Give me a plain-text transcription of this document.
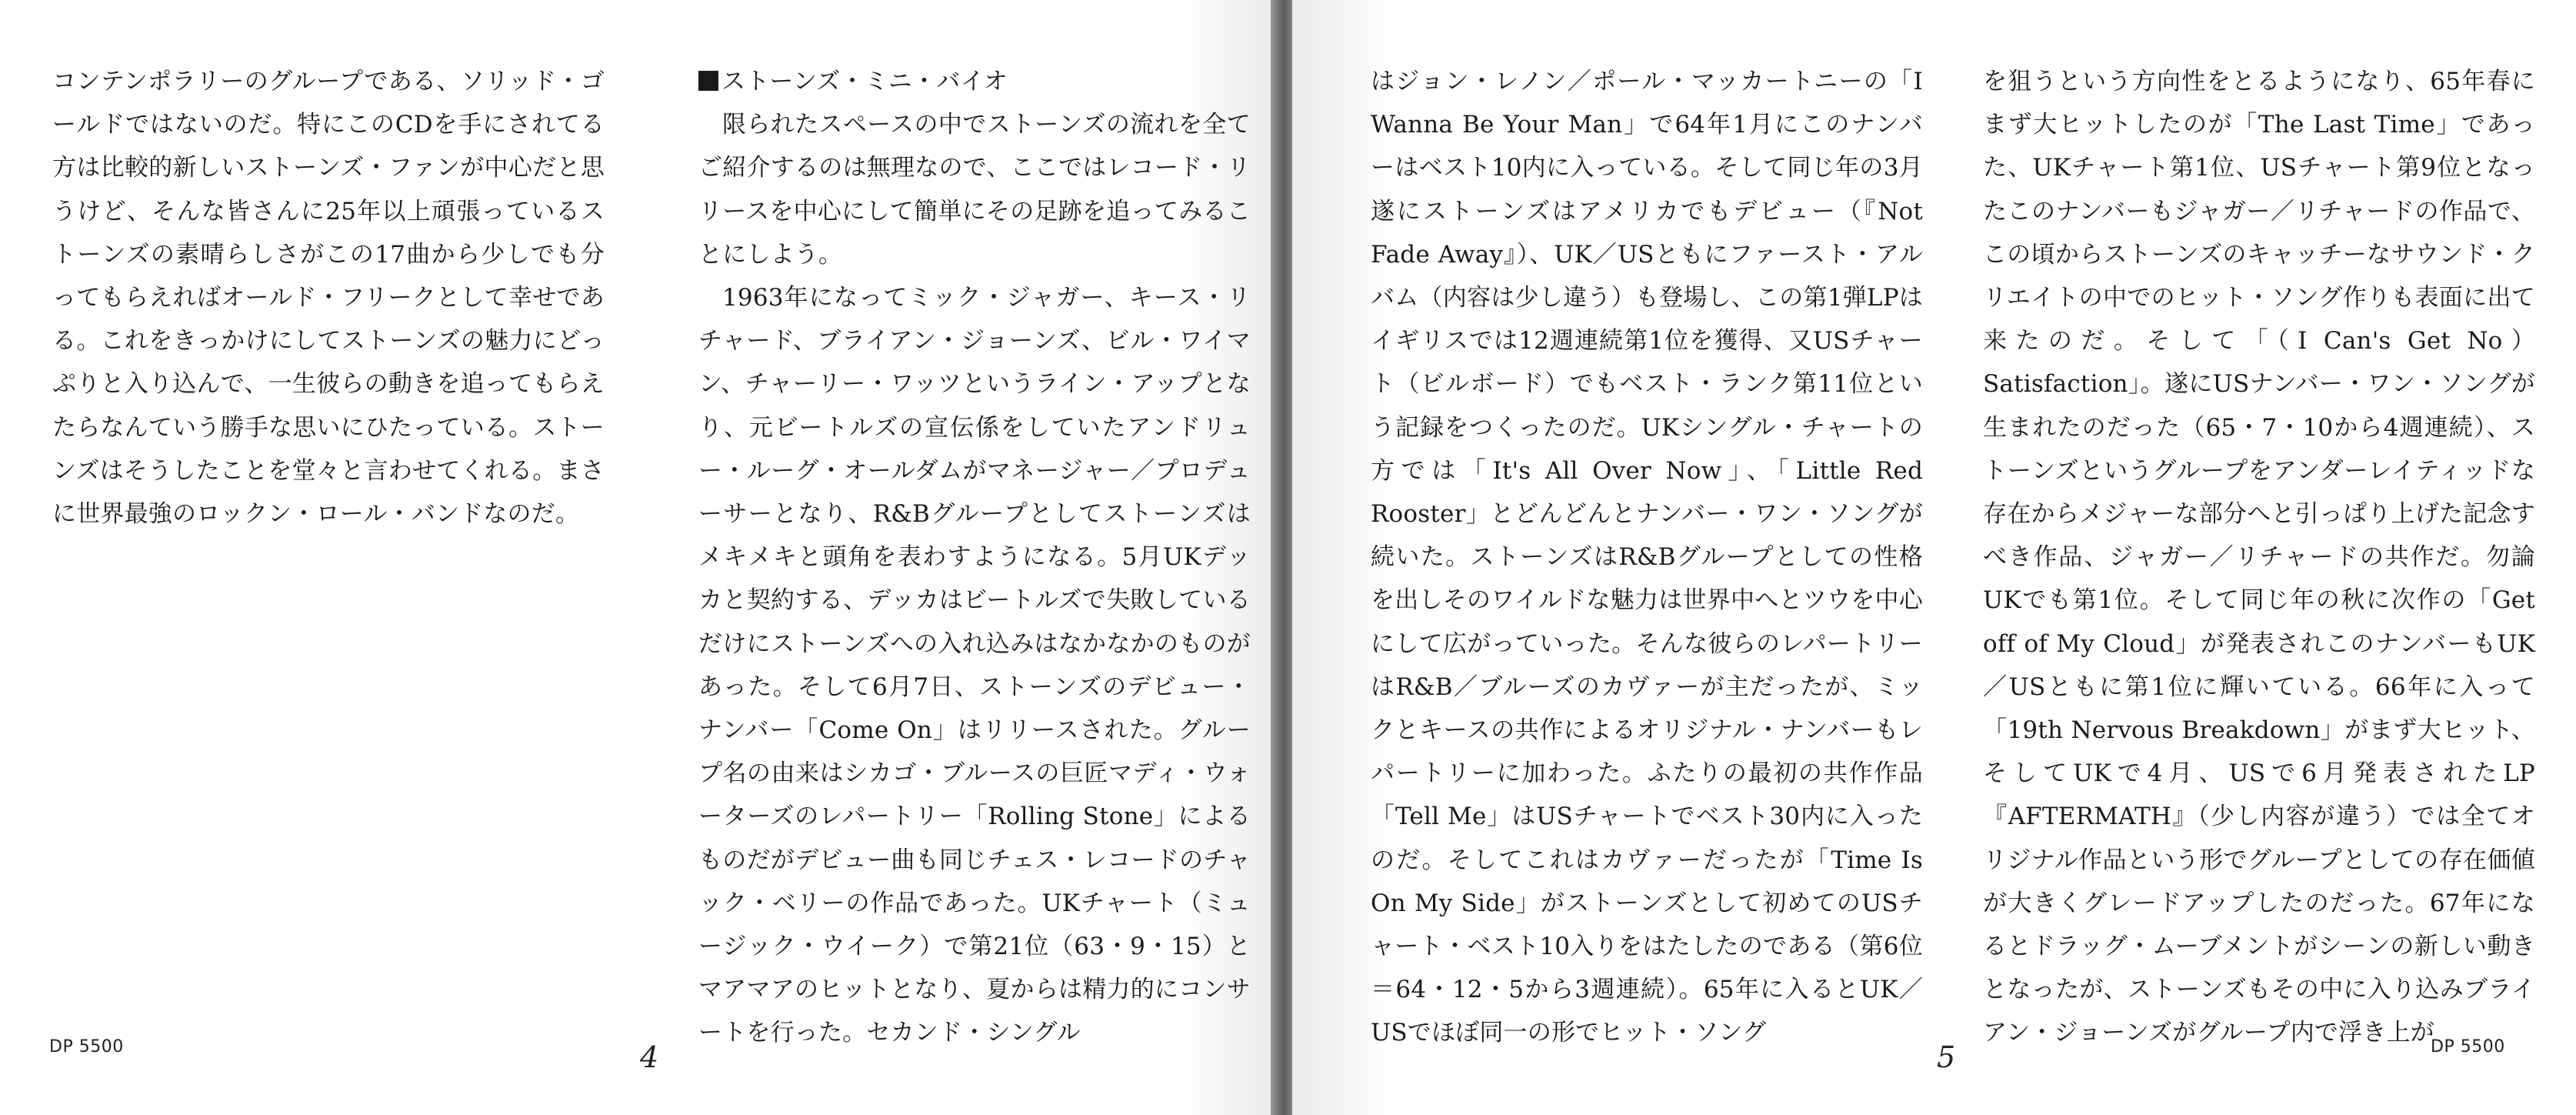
コンテンポラリーのグループである、ソリッド・ゴールドではないのだ。特にこのCDを手にされてる方は比較的新しいストーンズ・ファンが中心だと思うけど、そんな皆さんに25年以上頑張っているストーンズの素晴らしさがこの17曲から少しでも分ってもらえればオールド・フリークとして幸せである。これをきっかけにしてストーンズの魅力にどっぷりと入り込んで、一生彼らの動きを追ってもらえたらなんていう勝手な思いにひたっている。ストーンズはそうしたことを堂々と言わせてくれる。まさに世界最強のロックン・ロール・バンドなのだ。

ストーンズ・ミニ・バイオ

限られたスペースの中でストーンズの流れを全てご紹介するのは無理なので、ここではレコード・リリースを中心にして簡単にその足跡を追ってみることにしよう。

1963年になってミック・ジャガー、キース・リチャード、ブライアン・ジョーンズ、ビル・ワイマン、チャーリー・ワッツというライン・アップとなり、元ビートルズの宣伝係をしていたアンドリュー・ルーグ・オールダムがマネージャー／プロデューサーとなり、R&Bグループとしてストーンズはメキメキと頭角を表わすようになる。5月UKデッカと契約する、デッカはビートルズで失敗しているだけにストーンズへの入れ込みはなかなかのものがあった。そして6月7日、ストーンズのデビュー・ナンバー「Come On」はリリースされた。グループ名の由来はシカゴ・ブルースの巨匠マディ・ウォーターズのレパートリー「Rolling Stone」によるものだがデビュー曲も同じチェス・レコードのチャック・ベリーの作品であった。UKチャート（ミュージック・ウイーク）で第21位（63・9・15）とマアマアのヒットとなり、夏からは精力的にコンサートを行った。セカンド・シングル

DP 5500	4

はジョン・レノン／ポール・マッカートニーの「I Wanna Be Your Man」で64年1月にこのナンバーはベスト10内に入っている。そして同じ年の3月遂にストーンズはアメリカでもデビュー（『Not Fade Away』）、UK／USともにファースト・アルバム（内容は少し違う）も登場し、この第1弾LPはイギリスでは12週連続第1位を獲得、又USチャート（ビルボード）でもベスト・ランク第11位という記録をつくったのだ。UKシングル・チャートの方では「It's All Over Now」、「Little Red Rooster」とどんどんとナンバー・ワン・ソングが続いた。ストーンズはR&Bグループとしての性格を出しそのワイルドな魅力は世界中へとツウを中心にして広がっていった。そんな彼らのレパートリーはR&B／ブルーズのカヴァーが主だったが、ミックとキースの共作によるオリジナル・ナンバーもレパートリーに加わった。ふたりの最初の共作作品「Tell Me」はUSチャートでベスト30内に入ったのだ。そしてこれはカヴァーだったが「Time Is On My Side」がストーンズとして初めてのUSチャート・ベスト10入りをはたしたのである（第6位＝64・12・5から3週連続）。65年に入るとUK／USでほぼ同一の形でヒット・ソング

を狙うという方向性をとるようになり、65年春にまず大ヒットしたのが「The Last Time」であった、UKチャート第1位、USチャート第9位となったこのナンバーもジャガー／リチャードの作品で、この頃からストーンズのキャッチーなサウンド・クリエイトの中でのヒット・ソング作りも表面に出て来たのだ。そして「（I Can's Get No）Satisfaction」。遂にUSナンバー・ワン・ソングが生まれたのだった（65・7・10から4週連続）、ストーンズというグループをアンダーレイティッドな存在からメジャーな部分へと引っぱり上げた記念すべき作品、ジャガー／リチャードの共作だ。勿論UKでも第1位。そして同じ年の秋に次作の「Get off of My Cloud」が発表されこのナンバーもUK／USともに第1位に輝いている。66年に入って「19th Nervous Breakdown」がまず大ヒット、そしてUKで4月、USで6月発表されたLP『AFTERMATH』（少し内容が違う）では全てオリジナル作品という形でグループとしての存在価値が大きくグレードアップしたのだった。67年になるとドラッグ・ムーブメントがシーンの新しい動きとなったが、ストーンズもその中に入り込みブライアン・ジョーンズがグループ内で浮き上が

5	DP 5500
